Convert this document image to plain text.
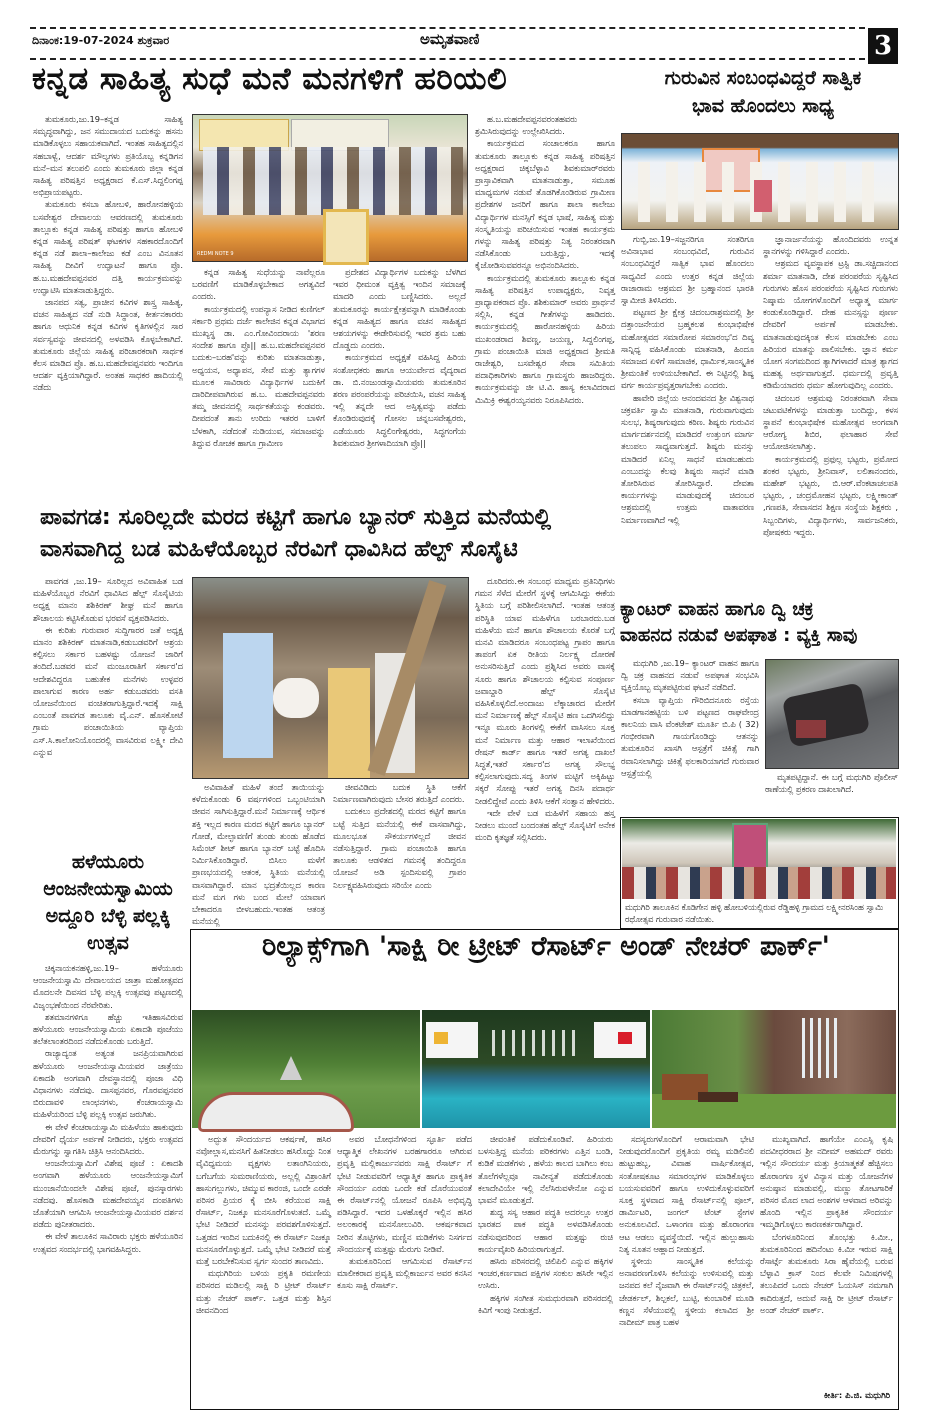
ದಿನಾಂಕ:19-07-2024 ಶುಕ್ರವಾರ	ಅಮೃತವಾಣಿ	3
ಕನ್ನಡ ಸಾಹಿತ್ಯ ಸುಧೆ ಮನೆ ಮನಗಳಿಗೆ ಹರಿಯಲಿ

ತುಮಕೂರು,ಜು.19–ಕನ್ನಡ ಸಾಹಿತ್ಯ ಸಮೃದ್ಧವಾಗಿದ್ದು, ಜನ ಸಮುದಾಯದ ಬದುಕನ್ನು ಹಸನು ಮಾಡಿಕೊಳ್ಳಲು ಸಹಾಯಕವಾಗಿದೆ. ಇಂತಹ ಸಾಹಿತ್ಯದಲ್ಲಿನ ಸಹಬಾಳ್ವೆ, ಆದರ್ಶ ಮೌಲ್ಯಗಳು ಪ್ರತಿಯೊಬ್ಬ ಕನ್ನಡಿಗನ ಮನೆ–ಮನ ತಲುಪಲಿ ಎಂದು ತುಮಕೂರು ಜಿಲ್ಲಾ ಕನ್ನಡ ಸಾಹಿತ್ಯ ಪರಿಷತ್ತಿನ ಅಧ್ಯಕ್ಷರಾದ ಕೆ.ಎಸ್.ಸಿದ್ದಲಿಂಗಪ್ಪ ಅಭಿಪ್ರಾಯಪಟ್ಟರು.

ತುಮಕೂರು ಕಸಬಾ ಹೋಬಳಿ, ಹಾರೋನಹಳ್ಳಿಯ ಬಸವೇಶ್ವರ ದೇವಾಲಯ ಆವರಣದಲ್ಲಿ ತುಮಕೂರು ತಾಲ್ಲೂಕು ಕನ್ನಡ ಸಾಹಿತ್ಯ ಪರಿಷತ್ತು ಹಾಗೂ ಹೋಬಳಿ ಕನ್ನಡ ಸಾಹಿತ್ಯ ಪರಿಷತ್ ಘಟಕಗಳ ಸಹಕಾರದೊಂದಿಗೆ ಕನ್ನಡ ನಡೆ ಶಾಲಾ–ಕಾಲೇಜು ಕಡೆ ಎಂಬ ವಿನೂತನ ಸಾಹಿತ್ಯ ದೀವಿಗೆ ಉದ್ಘಾಟನೆ ಹಾಗೂ ಪ್ರೊ. ಹ.ಬ.ಮಹದೇವಪ್ಪನವರ ದತ್ತಿ ಕಾರ್ಯಕ್ರಮವನ್ನು ಉದ್ಘಾಟಿಸಿ ಮಾತನಾಡುತ್ತಿದ್ದರು.

ಜಾನಪದ ಸತ್ವ, ಪ್ರಾಚೀನ ಕವಿಗಳ ಶಾಸ್ತ್ರ ಸಾಹಿತ್ಯ, ವಚನ ಸಾಹಿತ್ಯದ ನಡೆ ನುಡಿ ಸಿದ್ಧಾಂತ, ಕೀರ್ತನಕಾರರು ಹಾಗೂ ಆಧುನಿಕ ಕನ್ನಡ ಕವಿಗಳ ಕೃತಿಗಳಲ್ಲಿನ ಸಾರ ಸರ್ವಸ್ವವನ್ನು ಜೀವನದಲ್ಲಿ ಅಳವಡಿಸಿ ಕೊಳ್ಳಬೇಕಾಗಿದೆ. ತುಮಕೂರು ಜಿಲ್ಲೆಯ ಸಾಹಿತ್ಯ ಪರಿಚಾರಕರಾಗಿ ಸಾರ್ಥಕ ಕೆಲಸ ಮಾಡಿದ ಪ್ರೊ. ಹ.ಬ.ಮಹದೇವಪ್ಪನವರು ಇಂದಿಗೂ ಆದರ್ಶ ವ್ಯಕ್ತಿಯಾಗಿದ್ದಾರೆ. ಅಂತಹ ಸಾಧಕರ ಹಾದಿಯಲ್ಲಿ ನಡೆದು

REDMI NOTE 9

ಕನ್ನಡ ಸಾಹಿತ್ಯ ಸುಧೆಯನ್ನು ನಾವೆಲ್ಲರೂ ಬರವಣಿಗೆ ಮಾಡಿಕೊಳ್ಳಬೇಕಾದ ಅಗತ್ಯವಿದೆ ಎಂದರು.

ಕಾರ್ಯಕ್ರಮದಲ್ಲಿ ಉಪನ್ಯಾಸ ನೀಡಿದ ಕುಣಿಗಲ್ ಸರ್ಕಾರಿ ಪ್ರಥಮ ದರ್ಜೆ ಕಾಲೇಜಿನ ಕನ್ನಡ ವಿಭಾಗದ ಮುಖ್ಯಸ್ಥ ಡಾ. ಎಂ.ಗೋವಿಂದರಾಯ 'ಶರಣ ಸಂದೇಶ ಹಾಗೂ ಪ್ರೊ|| ಹ.ಬ.ಮಹದೇವಪ್ಪನವರ ಬದುಕು–ಬರಹ'ವನ್ನು ಕುರಿತು ಮಾತನಾಡುತ್ತಾ, ಅಧ್ಯಯನ, ಅಧ್ಯಾಪನ, ಸೇವೆ ಮತ್ತು ತ್ಯಾಗಗಳ ಮೂಲಕ ಸಾವಿರಾರು ವಿದ್ಯಾರ್ಥಿಗಳ ಬದುಕಿಗೆ ದಾರಿದೀಪವಾಗಿರುವ ಹ.ಬ. ಮಹದೇವಪ್ಪನವರು ತಮ್ಮ ಜೀವನದಲ್ಲಿ ಸಾರ್ಥಕತೆಯನ್ನು ಕಂಡವರು. ದೀಪದಂತೆ ತಾನು ಉರಿದು ಇತರರ ಬಾಳಿಗೆ ಬೆಳಕಾಗಿ, ನಡೆದಂತೆ ನುಡಿಯುವ, ಸಮಾಜವನ್ನು ತಿದ್ದುವ ರೋಚಕ ಹಾಗೂ ಗ್ರಾಮೀಣ

ಪ್ರದೇಶದ ವಿದ್ಯಾರ್ಥಿಗಳ ಬದುಕನ್ನು ಬೆಳಗಿದ ಇವರ ಧೀಮಂತ ವ್ಯಕ್ತಿತ್ವ ಇಂದಿನ ಸಮಾಜಕ್ಕೆ ಮಾದರಿ ಎಂದು ಬಣ್ಣಿಸಿದರು. ಅಲ್ಲದೆ ತುಮಕೂರನ್ನು ಕಾರ್ಯಕ್ಷೇತ್ರವನ್ನಾಗಿ ಮಾಡಿಕೊಂಡು ಕನ್ನಡ ಸಾಹಿತ್ಯದ ಹಾಗೂ ವಚನ ಸಾಹಿತ್ಯದ ಆಶಯಗಳನ್ನು ಈಡೇರಿಸುವಲ್ಲಿ ಇವರ ಶ್ರಮ ಬಹು ದೊಡ್ಡದು ಎಂದರು.

ಕಾರ್ಯಕ್ರಮದ ಅಧ್ಯಕ್ಷತೆ ವಹಿಸಿದ್ದ ಹಿರಿಯ ಸಂಶೋಧಕರು ಹಾಗೂ ಆಯುರ್ವೇದ ವೈದ್ಯರಾದ ಡಾ. ಬಿ.ನಂಜುಂಡಸ್ವಾಮಿಯವರು ತುಮಕೂರಿನ ಶರಣ ಪರಂಪರೆಯನ್ನು ಪರಿಚಯಿಸಿ, ವಚನ ಸಾಹಿತ್ಯ ಇಲ್ಲಿ ತನ್ನದೇ ಆದ ಅಸ್ತಿತ್ವವನ್ನು ಪಡೆದು ಕೊಂಡಿರುವುದಕ್ಕೆ ಗೋಸಲ ಚನ್ನಬಸವೇಶ್ವರರು, ಎಡೆಯೂರು ಸಿದ್ಧಲಿಂಗೇಶ್ವರರು, ಸಿದ್ಧಗಂಗೆಯ ಶಿವಕುಮಾರ ಶ್ರೀಗಳಾದಿಯಾಗಿ ಪ್ರೊ||

ಹ.ಬ.ಮಹದೇವಪ್ಪನವರಂತಹವರು ಶ್ರಮಿಸಿರುವುದನ್ನು ಉಲ್ಲೇಖಿಸಿದರು.

ಕಾರ್ಯಕ್ರಮದ ಸಂಚಾಲಕರೂ ಹಾಗೂ ತುಮಕೂರು ತಾಲ್ಲೂಕು ಕನ್ನಡ ಸಾಹಿತ್ಯ ಪರಿಷತ್ತಿನ ಅಧ್ಯಕ್ಷರಾದ ಚಿಕ್ಕಬೆಳ್ಳಾವಿ ಶಿವಕುಮಾರ್‌ರವರು ಪ್ರಾಸ್ತಾವಿಕವಾಗಿ ಮಾತನಾಡುತ್ತಾ, ಸಮೂಹ ಮಾಧ್ಯಮಗಳ ನಡುವೆ ತೊಡಗಿಕೊಂಡಿರುವ ಗ್ರಾಮೀಣ ಪ್ರದೇಶಗಳ ಜನರಿಗೆ ಹಾಗೂ ಶಾಲಾ ಕಾಲೇಜು ವಿದ್ಯಾರ್ಥಿಗಳ ಮನಸ್ಸಿಗೆ ಕನ್ನಡ ಭಾಷೆ, ಸಾಹಿತ್ಯ ಮತ್ತು ಸಂಸ್ಕೃತಿಯನ್ನು ಪರಿಚಯಿಸುವ ಇಂತಹ ಕಾರ್ಯಕ್ರಮ ಗಳನ್ನು ಸಾಹಿತ್ಯ ಪರಿಷತ್ತು ನಿತ್ಯ ನಿರಂತರವಾಗಿ ನಡೆಸಿಕೊಂಡು ಬರುತ್ತಿದ್ದು, ಇದಕ್ಕೆ ಕೈಜೋಡಿಸುವವರನ್ನೂ ಅಭಿನಂದಿಸಿದರು.

ಕಾರ್ಯಕ್ರಮದಲ್ಲಿ ತುಮಕೂರು ತಾಲ್ಲೂಕು ಕನ್ನಡ ಸಾಹಿತ್ಯ ಪರಿಷತ್ತಿನ ಉಪಾಧ್ಯಕ್ಷರು, ನಿವೃತ್ತ ಪ್ರಾಧ್ಯಾಪಕರಾದ ಪ್ರೊ. ಶಶಿಕುಮಾರ್ ಅವರು ಪ್ರಾರ್ಥನೆ ಸಲ್ಲಿಸಿ, ಕನ್ನಡ ಗೀತೆಗಳನ್ನು ಹಾಡಿದರು. ಕಾರ್ಯಕ್ರಮದಲ್ಲಿ ಹಾರೋನಹಳ್ಳಿಯ ಹಿರಿಯ ಮುಖಂಡರಾದ ಶಿವಣ್ಣ, ಜಯಣ್ಣ, ಸಿದ್ದಲಿಂಗಪ್ಪ, ಗ್ರಾಮ ಪಂಚಾಯಿತಿ ಮಾಜಿ ಅಧ್ಯಕ್ಷರಾದ ಶ್ರೀಮತಿ ರಾಜೇಶ್ವರಿ, ಬಸವೇಶ್ವರ ಸೇವಾ ಸಮಿತಿಯ ಪದಾಧಿಕಾರಿಗಳು ಹಾಗೂ ಗ್ರಾಮಸ್ಥರು ಹಾಜರಿದ್ದರು. ಕಾರ್ಯಕ್ರಮವನ್ನು ಜೀ ಟಿ.ವಿ. ಹಾಸ್ಯ ಕಲಾವಿದರಾದ ಮಿಮಿಕ್ರಿ ಈಶ್ವರಯ್ಯನವರು ನಿರೂಪಿಸಿದರು.

ಗುರುವಿನ ಸಂಬಂಧವಿದ್ದರೆ ಸಾತ್ವಿಕ
ಭಾವ ಹೊಂದಲು ಸಾಧ್ಯ

ಗುಬ್ಬಿ,ಜು.19–ಸಜ್ಜನರಿಗೂ ಸಂತರಿಗೂ ಅವಿನಾಭಾವ ಸಂಬಂಧವಿದೆ, ಗುರುವಿನ ಸಂಬಂಧವಿದ್ದರೆ ಸಾತ್ವಿಕ ಭಾವ ಹೊಂದಲು ಸಾಧ್ಯವಿದೆ ಎಂದು ಉತ್ತರ ಕನ್ನಡ ಜಿಲ್ಲೆಯ ರಾಜಾರಾಮ ಆಶ್ರಮದ ಶ್ರೀ ಬ್ರಹ್ಮಾನಂದ ಭಾರತಿ ಸ್ವಾಮೀಜಿ ತಿಳಿಸಿದರು.

ಪಟ್ಟಣದ ಶ್ರೀ ಕ್ಷೇತ್ರ ಚಿದಂಬರಾಶ್ರಮದಲ್ಲಿ ಶ್ರೀ ದತ್ತಾಂಜನೇಯರ ಬ್ರಹ್ಮಕಲಶ ಕುಂಭಾಭಿಷೇಕ ಮಹೋತ್ಸವದ ಸಮಾರೋಪ ಸಮಾರಂಭ'ದ ದಿವ್ಯ ಸಾನ್ನಿಧ್ಯ ವಹಿಸಿಕೊಂಡು ಮಾತನಾಡಿ, ಹಿಂದೂ ಸಮಾಜದ ಏಳಿಗೆ ಸಾಮಾಜಿಕ, ಧಾರ್ಮಿಕ,ಸಾಂಸ್ಕೃತಿಕ ಶ್ರೀಮಂತಿಕೆ ಉಳಿಯಬೇಕಾಗಿದೆ. ಈ ನಿಟ್ಟಿನಲ್ಲಿ ಶಿಷ್ಯ ವರ್ಗ ಕಾರ್ಯಪ್ರವೃತ್ತರಾಗಬೇಕು ಎಂದರು.

ಹಾವೇರಿ ಜಿಲ್ಲೆಯ ಆನಂದವನದ ಶ್ರೀ ವಿಶ್ವನಾಥ ಚಕ್ರವರ್ತಿ ಸ್ವಾಮಿ ಮಾತನಾಡಿ, ಗುರುವಾಗುವುದು ಸುಲಭ, ಶಿಷ್ಯರಾಗುವುದು ಕಠಿಣ. ಶಿಷ್ಯರು ಗುರುವಿನ ಮಾರ್ಗದರ್ಶನದಲ್ಲಿ ಮಾಡಿದರೆ ಉತ್ತುಂಗ ಮಾರ್ಗ ತಲುಪಲು ಸಾಧ್ಯವಾಗುತ್ತದೆ. ಶಿಷ್ಯರು ಮನಸ್ಸು ಮಾಡಿದರೆ ಏನಿಲ್ಲ ಸಾಧನೆ ಮಾಡಬಹುದು ಎಂಬುದನ್ನು ಕೆಲವು ಶಿಷ್ಯರು ಸಾಧನೆ ಮಾಡಿ ತೋರಿಸಿರುವ ತೋರಿಸಿದ್ದಾರೆ. ದೇವತಾ ಕಾರ್ಯಗಳನ್ನು ಮಾಡುವುದಕ್ಕೆ ಚಿದಂಬರ ಆಶ್ರಮದಲ್ಲಿ ಉತ್ತಮ ವಾತಾವರಣ ನಿರ್ಮಾಣವಾಗಿದೆ ಇಲ್ಲಿ

ಜ್ಞಾನಾರ್ಜನೆಯನ್ನು ಹೊಂದಿದವರು ಉನ್ನತ ಸ್ಥಾನಗಳನ್ನು ಗಳಿಸಿದ್ದಾರೆ ಎಂದರು.

ಆಶ್ರಮದ ವ್ಯವಸ್ಥಾಪಕ ಟ್ರಸ್ಟಿ ಡಾ.ಸಚ್ಚಿದಾನಂದ ಶರ್ಮಾ ಮಾತನಾಡಿ, ದೇಶ ಪರಂಪರೆಯ ಸೃಷ್ಟಿಸಿದ ಗುರುಗಳು ಹೊಸ ಪರಂಪರೆಯ ಸೃಷ್ಟಿಸಿದ ಗುರುಗಳು ನಿಷ್ಕಾಮ ಯೋಗಗಳೊಂದಿಗೆ ಅಧ್ಯಾತ್ಮ ಮಾರ್ಗ ಕಂಡುಕೊಂಡಿದ್ದಾರೆ. ದೇಹ ಮನಸ್ಸನ್ನು ಪೂರ್ಣ ದೇವರಿಗೆ ಅರ್ಪಣೆ ಮಾಡಬೇಕು. ಮಾತನಾಡುವುದಕ್ಕಿಂತ ಕೆಲಸ ಮಾಡಬೇಕು ಎಂಬ ಹಿರಿಯರ ಮಾತನ್ನು ಪಾಲಿಸಬೇಕು. ಜ್ಞಾನ ಕರ್ಮ ಯೋಗ ಸಂಗಮದಿಂದ ತ್ಯಾಗಿಗಳಾದರೆ ಮಾತ್ರ ತ್ಯಾಗದ ಮಹತ್ವ ಅರ್ಥವಾಗುತ್ತದೆ. ಧರ್ಮದಲ್ಲಿ ಪ್ರವೃತ್ತಿ ಕಡಿಮೆಯಾದರು ಧರ್ಮ ಹೋಗುವುದಿಲ್ಲ ಎಂದರು.

ಚಿದಂಬರ ಆಶ್ರಮವು ನಿರಂತರವಾಗಿ ಸೇವಾ ಚಟುವಟಿಕೆಗಳನ್ನು ಮಾಡುತ್ತಾ ಬಂದಿದ್ದು, ಕಳಸ ಸ್ಥಾಪನೆ ಕುಂಭಾಭಿಷೇಕ ಮಹೋತ್ಸವ ಅಂಗವಾಗಿ ಆರೋಗ್ಯ ಶಿಬಿರ, ಫಲಾಹಾರ ಸೇವೆ ಆಯೋಜಿಸಲಾಗಿತ್ತು.

ಕಾರ್ಯಕ್ರಮದಲ್ಲಿ ಪ್ರಫುಲ್ಲ ಭಟ್ಟರು, ಪ್ರಮೋದ ಶಂಕರ ಭಟ್ಟರು, ಶ್ರೀನಿವಾಸ್, ಲಲಿತಾನಂದರು, ಮಹೇಶ್ ಭಟ್ಟರು, ಬಿ.ಆರ್.ವೆಂಕಟಾಚಲಪತಿ ಭಟ್ಟರು, , ಚಂದ್ರಮೋಹನ ಭಟ್ಟರು, ಲಕ್ಷ್ಮೀಕಾಂತ್ ,ಗಣಪತಿ, ಸೇವಾಸದನ ಶಿಕ್ಷಣ ಸಂಸ್ಥೆಯ ಶಿಕ್ಷಕರು , ಸಿಬ್ಬಂದಿಗಳು, ವಿದ್ಯಾರ್ಥಿಗಳು, ಸಾರ್ವಜನಿಕರು, ಪೋಷಕರು ಇದ್ದರು.

ಪಾವಗಡ: ಸೂರಿಲ್ಲದೇ ಮರದ ಕಟ್ಟಿಗೆ ಹಾಗೂ ಬ್ಯಾನರ್ ಸುತ್ತಿದ ಮನೆಯಲ್ಲಿ
ವಾಸವಾಗಿದ್ದ ಬಡ ಮಹಿಳೆಯೊಬ್ಬರ ನೆರವಿಗೆ ಧಾವಿಸಿದ ಹೆಲ್ಪ್ ಸೊಸೈಟಿ

ಪಾವಗಡ ,ಜು.19– ಸೂರಿಲ್ಲದ ಅವಿವಾಹಿತ ಬಡ ಮಹಿಳೆಯೊಬ್ಬರ ನೆರವಿಗೆ ಧಾವಿಸಿದ ಹೆಲ್ಪ್ ಸೊಸೈಟಿಯ ಅಧ್ಯಕ್ಷ ಮಾನಂ ಶಶಿಕಿರಣ್ ಶೀಘ್ರ ಮನೆ ಹಾಗೂ ಶೌಚಾಲಯ ಕಟ್ಟಿಸಿಕೊಡುವ ಭರವಸೆ ವ್ಯಕ್ತಪಡಿಸಿದರು.

ಈ ಕುರಿತು ಗುರುವಾರ ಸುದ್ದಿಗಾರರ ಜತೆ ಅಧ್ಯಕ್ಷ ಮಾನಂ ಶಶಿಕಿರಣ್ ಮಾತನಾಡಿ,ಕಡುಬಡವರಿಗೆ ಆಶ್ರಯ ಕಲ್ಪಿಸಲು ಸರ್ಕಾರ ಬಹಳಷ್ಟು ಯೋಜನೆ ಜಾರಿಗೆ ತಂದಿದೆ.ಬಡವರ ಮನೆ ಮಂಜೂರಾತಿಗೆ ಸರ್ಕಾರ'ದ ಆದೇಶವಿದ್ದರೂ ಬಹುತೇಕ ಮನೆಗಳು ಉಳ್ಳವರ ಪಾಲಾಗುವ ಕಾರಣ ಅರ್ಹ ಕಡುಬಡವರು ವಸತಿ ಯೋಜನೆಯಿಂದ ವಂಚಿತರಾಗುತ್ತಿದ್ದಾರೆ.ಇದಕ್ಕೆ ಸಾಕ್ಷಿ ಎಂಬಂತೆ ಪಾವಗಡ ತಾಲೂಕು ವೈ.ಎನ್. ಹೊಸಕೋಟೆ ಗ್ರಾಮ ಪಂಚಾಯಿತಿಯ ವ್ಯಾಪ್ತಿಯ ಎಸ್.ಸಿ.ಕಾಲೋನಿಯೊಂದರಲ್ಲಿ ವಾಸವಿರುವ ಲಕ್ಷ್ಮೀ ದೇವಿ ಎನ್ನುವ

ಅವಿವಾಹಿತೆ ಮಹಿಳೆ ತಂದೆ ತಾಯಿಯನ್ನು ಕಳೆದುಕೊಂಡು 6 ವರ್ಷಗಳಿಂದ ಒಬ್ಬಂಟಿಯಾಗಿ ಜೀವನ ಸಾಗಿಸುತ್ತಿದ್ದಾರೆ.ಮನೆ ನಿರ್ಮಾಣಕ್ಕೆ ಆರ್ಥಿಕ ಶಕ್ತಿ ಇಲ್ಲದ ಕಾರಣ ಮರದ ಕಟ್ಟಿಗೆ ಹಾಗೂ ಬ್ಯಾನರ್ ಗೋಡೆ, ಮೇಲ್ಛಾವಣಿಗೆ ತುಂಡು ತುಂಡು ಹೊಡೆದ ಸಿಮೆಂಟ್ ಶೀಟ್ ಹಾಗೂ ಬ್ಯಾನರ್ ಬಟ್ಟೆ ಹೊದಿಸಿ ನಿರ್ಮಿಸಿಕೊಂಡಿದ್ದಾರೆ. ಬಿಸಿಲು ಮಳೆಗೆ ಪ್ರಾಣಭಯದಲ್ಲಿ ಆತಂಕ, ಸ್ಥಿತಿಯ ಮನೆಯಲ್ಲಿ ವಾಸವಾಗಿದ್ದಾರೆ. ಮಾನ ಭದ್ರತೆಯಿಲ್ಲದ ಕಾರಣ ಮನೆ ಮಗ ಗಳು ಬಂದ ಮೇಲೆ ಯಾವಾಗ ಬೇಕಾದರೂ ಬೀಳಬಹುದು.ಇಂತಹ ಆತಂತ್ರ ಮನೆಯಲ್ಲಿ

ಜೀವವಿಡಿದು ಬದುಕ ಸ್ಥಿತಿ ಆಕೆಗೆ ನಿರ್ಮಾಣವಾಗಿರುವುದು ಬೇಸರ ತರುತ್ತಿದೆ ಎಂದರು.

ಬದುಕಲು ಪ್ರದೇಶದಲ್ಲಿ ಮರದ ಕಟ್ಟಿಗೆ ಹಾಗೂ ಬಟ್ಟೆ ಸುತ್ತಿದ ಮನೆಯಲ್ಲಿ ಈಕೆ ವಾಸವಾಗಿದ್ದು, ಮೂಲಭೂತ ಸೌಕರ್ಯಗಳಿಲ್ಲದೆ ಜೀವನ ನಡೆಸುತ್ತಿದ್ದಾರೆ. ಗ್ರಾಮ ಪಂಚಾಯಿತಿ ಹಾಗೂ ತಾಲೂಕು ಆಡಳಿತದ ಗಮನಕ್ಕೆ ತಂದಿದ್ದರೂ ಯೋಜನೆ ಅಡಿ ಸ್ಪಂದಿಸುವಲ್ಲಿ ಗ್ರಾಪಂ ನಿರ್ಲಕ್ಷ್ಯವಹಿಸಿರುವುದು ಸರಿಯೇ ಎಂದು

ದೂರಿದರು.ಈ ಸಂಬಂಧ ಮಾಧ್ಯಮ ಪ್ರತಿನಿಧಿಗಳು ಗಮನ ಸೆಳೆದ ಮೇರೆಗೆ ಸ್ಥಳಕ್ಕೆ ಆಗಮಿಸಿದ್ದು ಈಕೆಯ ಸ್ಥಿತಿಯ ಬಗ್ಗೆ ಪರಿಶೀಲಿಸಲಾಗಿದೆ. ಇಂತಹ ಆತಂತ್ರ ಪರಿಸ್ಥಿತಿ ಯಾವ ಮಹಿಳೆಗೂ ಬರಬಾರದು.ಬಡ ಮಹಿಳೆಯ ಮನೆ ಹಾಗೂ ಶೌಚಾಲಯ ಕೊರತೆ ಬಗ್ಗೆ ಮನವಿ ಮಾಡಿದರೂ ಸಂಬಂಧಪಟ್ಟ ಗ್ರಾಪಂ ಹಾಗೂ ತಾಪಂಗೆ ಏಕ ರೀತಿಯ ನಿರ್ಲಕ್ಷ್ಯ ದೋರಣೆ ಅನುಸರಿಸುತ್ತಿದೆ ಎಂದು ಪ್ರಶ್ನಿಸಿದ ಅವರು ವಾಸಕ್ಕೆ ಸೂರು ಹಾಗೂ ಶೌಚಾಲಯ ಕಲ್ಪಿಸುವ ಸಂಪೂರ್ಣ ಜವಾಬ್ದಾರಿ ಹೆಲ್ಪ್ ಸೊಸೈಟಿ ವಹಿಸಿಕೊಳ್ಳಲಿದೆ.ಅಂದಾಜು ಲೆಕ್ಕಾಚಾರದ ಮೇರೆಗೆ ಮನೆ ನಿರ್ಮಾಣಕ್ಕೆ ಹೆಲ್ಪ್ ಸೊಸೈಟಿ ಹಣ ಒದಗಿಸಲಿದ್ದು ಇನ್ನೂ ಮೂರು ತಿಂಗಳಲ್ಲಿ ಈಕೆಗೆ ವಾಸಿಸಲು ಸೂಕ್ತ ಮನೆ ನಿರ್ಮಾಣ ಮತ್ತು ಆಹಾರ ಇಲಾಖೆಯಿಂದ ರೇಷನ್ ಕಾರ್ಡ್ ಹಾಗೂ ಇತರೆ ಅಗತ್ಯ ದಾಖಲೆ ಸಿದ್ಧತೆ,ಇತರೆ ಸರ್ಕಾರ'ದ ಅಗತ್ಯ ಸೌಲಭ್ಯ ಕಲ್ಪಿಸಲಾಗುವುದು.ಸದ್ಯ ತಿಂಗಳ ಮಟ್ಟಿಗೆ ಅಕ್ಕಿಹಿಟ್ಟು ಸಕ್ಕರೆ ಸೋಪ್ಪು ಇತರೆ ಅಗತ್ಯ ದಿನಸಿ ಪದಾರ್ಥ ನೀಡಲಿದ್ದೇವೆ ಎಂದು ತಿಳಿಸಿ ಆಕೆಗೆ ಸಂತ್ವಾನ ಹೇಳಿದರು.

ಇದೇ ವೇಳೆ ಬಡ ಮಹಿಳೆಗೆ ಸಹಾಯ ಹಸ್ತ ನೀಡಲು ಮುಂದೆ ಬಂದಂತಹ ಹೆಲ್ಪ್ ಸೊಸೈಟಿಗೆ ಅನೇಕ ಮಂದಿ ಕೃತಜ್ಞತೆ ಸಲ್ಲಿಸಿದರು.

ಕ್ಯಾಂಟರ್ ವಾಹನ ಹಾಗೂ ದ್ವಿ ಚಕ್ರ
ವಾಹನದ ನಡುವೆ ಅಪಘಾತ : ವ್ಯಕ್ತಿ ಸಾವು

ಮಧುಗಿರಿ ,ಜು.19– ಕ್ಯಾಂಟರ್ ವಾಹನ ಹಾಗೂ ದ್ವಿ ಚಕ್ರ ವಾಹನದ ನಡುವೆ ಅಪಘಾತ ಸಂಭವಿಸಿ ವ್ಯಕ್ತಿಯೊಬ್ಬ ಮೃತಪಟ್ಟಿರುವ ಘಟನೆ ನಡೆದಿದೆ.

ಕಸಬಾ ವ್ಯಾಪ್ತಿಯ ಗೌರಿಬಿದನೂರು ರಸ್ತೆಯ ಮಾಡಗಾನಹಟ್ಟಿಯ ಬಳಿ ಪಟ್ಟಣದ ರಾಘವೇಂದ್ರ ಕಾಲನಿಯ ವಾಸಿ ವೆಂಕಟೇಶ್ ಮೂರ್ತಿ ಬಿ.ಪಿ ( 32) ಗಂಭೀರವಾಗಿ ಗಾಯಗೊಂಡಿದ್ದು ಆತನನ್ನು ತುಮಕೂರಿನ ಖಾಸಗಿ ಆಸ್ಪತ್ರೆಗೆ ಚಿಕಿತ್ಸೆ ಗಾಗಿ ರವಾನಿಸಲಾಗಿದ್ದು ಚಿಕಿತ್ಸೆ ಫಲಕಾರಿಯಾಗದೆ ಗುರುವಾರ ಆಸ್ಪತ್ರೆಯಲ್ಲಿ	ಮೃತಪಟ್ಟಿದ್ದಾನೆ. ಈ ಬಗ್ಗೆ ಮಧುಗಿರಿ ಪೊಲೀಸ್ ಠಾಣೆಯಲ್ಲಿ ಪ್ರಕರಣ ದಾಖಲಾಗಿದೆ.

ಮಧುಗಿರಿ ತಾಲೂಕಿನ ಕೊಡಿಗೇನ ಹಳ್ಳಿ ಹೋಬಳಿಯಲ್ಲಿರುವ ರೆಡ್ಡಿಹಳ್ಳಿ ಗ್ರಾಮದ ಲಕ್ಷ್ಮೀನರಸಿಂಹ ಸ್ವಾಮಿ ರಥೋತ್ಸವ ಗುರುವಾರ ನಡೆಯಿತು.
ಹಳೆಯೂರು
ಆಂಜನೇಯಸ್ವಾಮಿಯ
ಅದ್ದೂರಿ ಬೆಳ್ಳಿ ಪಲ್ಲಕ್ಕಿ
ಉತ್ಸವ

ಚಿಕ್ಕನಾಯಕನಹಳ್ಳಿ,ಜು.19– ಹಳೆಯೂರು ಆಂಜನೇಯಸ್ವಾಮಿ ದೇವಾಲಯದ ಜಾತ್ರಾ ಮಹೋತ್ಸವದ ಮೊದಲನೇ ದಿವಸದ ಬೆಳ್ಳಿ ಪಲ್ಲಕ್ಕಿ ಉತ್ಸವವು ಪಟ್ಟಣದಲ್ಲಿ ವಿಜೃಂಭಣೆಯಿಂದ ನೆರವೇರಿತು.

ಶತಮಾನಗಳಿಗೂ ಹೆಚ್ಚು ಇತಿಹಾಸವಿರುವ ಹಳೆಯೂರು ಆಂಜನೇಯಸ್ವಾಮಿಯ ಏಕಾದಶಿ ಪೂಜೆಯು ತಲೆತಲಾಂತರದಿಂದ ನಡೆದುಕೊಂಡು ಬರುತ್ತಿದೆ.

ರಾಜ್ಯಾದ್ಯಂತ ಅತ್ಯಂತ ಜನಪ್ರಿಯವಾಗಿರುವ ಹಳೆಯೂರು ಆಂಜನೇಯಸ್ವಾಮಿಯವರ ಜಾತ್ರೆಯು ಏಕಾದಶಿ ಅಂಗವಾಗಿ ದೇವಸ್ಥಾನದಲ್ಲಿ ಪೂಜಾ ವಿಧಿ ವಿಧಾನಗಳು ನಡೆದವು. ದಾಸಪ್ಪನವರ, ಗೊರವಪ್ಪನವರ ಬಿರುದಾವಳಿ ಲಾಂಛನಗಳು, ಕೆಂಚರಾಯಸ್ವಾಮಿ ಮಹಿಳೆಯರಿಂದ ಬೆಳ್ಳಿ ಪಲ್ಲಕ್ಕಿ ಉತ್ಸವ ಜರುಗಿತು.

ಈ ವೇಳೆ ಕೆಂಚರಾಯಸ್ವಾಮಿ ಮಹಿಳೆಯು ಹಾಕುವುದು ದೇವರಿಗೆ ಧೈರ್ಯ ಅರ್ಪಣೆ ನೀಡಿದರು, ಭಕ್ತರು ಉತ್ಸವದ ಮೆರುಗನ್ನು ಸ್ವಾಗತಿಸಿ ಚಿತ್ರಿಸಿ ಆನಂದಿಸಿದರು.

ಆಂಜನೇಯಸ್ವಾಮಿಗೆ ವಿಶೇಷ ಪೂಜೆ : ಏಕಾದಶಿ ಅಂಗವಾಗಿ ಹಳೆಯೂರು ಆಂಜನೇಯಸ್ವಾಮಿಗೆ ಮುಂಜಾನೆಯಿಂದಲೇ ವಿಶೇಷ ಪೂಜೆ, ಪುನಸ್ಕಾರಗಳು ನಡೆದವು. ಹೊಸಕಾಡಿ ಮಹದೇವಯ್ಯನ ದಂಪತಿಗಳು ಜೊತೆಯಾಗಿ ಆಗಮಿಸಿ ಆಂಜನೇಯಸ್ವಾಮಿಯವರ ದರ್ಶನ ಪಡೆದು ಪುನೀತರಾದರು.

ಈ ವೇಳೆ ತಾಲೂಕಿನ ಸಾವಿರಾರು ಭಕ್ತರು ಹಳೆಯೂರಿನ ಉತ್ಸವದ ಸಂದರ್ಭದಲ್ಲಿ ಭಾಗವಹಿಸಿದ್ದರು.

ರಿಲ್ಯಾಕ್ಸ್‌ಗಾಗಿ 'ಸಾಕ್ಷಿ ರೀ ಟ್ರೀಟ್ ರೆಸಾರ್ಟ್ ಅಂಡ್ ನೇಚರ್ ಪಾರ್ಕ್'

ಅದ್ಭುತ ಸೌಂದರ್ಯದ ಆಕರ್ಷಣೆ, ಹಸಿರ ನವೋಲ್ಲಾಸ,ಮನಸಿಗೆ ಹಿತನೀಡಲು ಹಸಿರೊದ್ದು ನಿಂತ ವೈವಿಧ್ಯಮಯ ವೃಕ್ಷಗಳು ಲತಾಂಗಿನಿಯರು, ಬಗೆಬಗೆಯ ಸುಮರಾಣಿಯರು, ಅಲ್ಲಲ್ಲಿ ವಿಶ್ರಾಂತಿಗೆ ಹಾಸುಗಲ್ಲುಗಳು, ಚಿಮ್ಮುವ ಕಾರಂಜಿ, ಒಂದೇ ಎರಡೇ ಪರಿಸರ ಪ್ರಿಯರ ಕೈ ಬೀಸಿ ಕರೆಯುವ ಸಾಕ್ಷಿ ರೆಸಾರ್ಟ್, ನಿಜಕ್ಕೂ ಮನಸೂರೆಗೊಳುತದೆ. ಒಮ್ಮೆ ಭೇಟಿ ನೀಡಿದರೆ ಮನಸನ್ನು ಪರವಶಗೊಳಿಸುತ್ತದೆ. ಒತ್ತಡದ ಇಂದಿನ ಬದುಕಿನಲ್ಲಿ ಈ ರೆಸಾರ್ಟ್ ನಿಜಕ್ಕೂ ಮನಸೂರೆಗೊಳ್ಳುತ್ತದೆ. ಒಮ್ಮೆ ಭೇಟಿ ನೀಡಿದರೆ ಮತ್ತೆ ಮತ್ತೆ ಬರಬೇಕೆನಿಸುವ ಸ್ವರ್ಗ ಸುಂದರ ತಾಣವಿದು.

ಮಧುಗಿರಿಯ ಬಳಿಯ ಪ್ರಕೃತಿ ರಮಣೀಯ ಪರಿಸರದ ಮಡಿಲಲ್ಲಿ ಸಾಕ್ಷಿ ರಿ ಟ್ರೀಟ್ ರೆಸಾರ್ಟ್ ಮತ್ತು ನೇಚರ್ ಪಾರ್ಕ್. ಒತ್ತಡ ಮತ್ತು ಶಿಸ್ತಿನ ಜೀವನದಿಂದ

ಅವರ ಬೋಧನೆಗಳಿಂದ ಸ್ಫೂರ್ತಿ ಪಡೆದ ಆಧ್ಯಾತ್ಮಿಕ ಲೇಖನಗಳ ಬರಹಗಾರರೂ ಆಗಿರುವ ಪ್ರವೃತ್ತಿ ಮಲ್ಲಿಕಾರ್ಜುನವರು ಸಾಕ್ಷಿ ರೆಸಾರ್ಟ್ ಗೆ ಭೇಟಿ ನೀಡುವವರಿಗೆ ಆಧ್ಯಾತ್ಮಿಕ ಹಾಗೂ ಪ್ರಾಕೃತಿಕ ಸೌಂದರ್ಯ ಎರಡು ಒಂದೇ ಕಡೆ ದೊರೆಯುವಂತೆ ಈ ರೆಸಾರ್ಟ್‌ನಲ್ಲಿ ಯೋಜನೆ ರೂಪಿಸಿ ಅಭಿವೃದ್ಧಿ ಪಡಿಸಿದ್ದಾರೆ. ಇದರ ಒಳಹೊಕ್ಕರೆ ಇಲ್ಲಿನ ಹಸಿರ ಅಲಂಕಾರಕ್ಕೆ ಮನಸೋಲುವಿರಿ. ಆಕರ್ಷಕವಾದ ನೀರಿನ ತೊಟ್ಟಿಗಳು, ಮಣ್ಣಿನ ಮಡಿಕೆಗಳು ನಿಸರ್ಗದ ಸೌಂದರ್ಯಕ್ಕೆ ಮತ್ತಷ್ಟು ಮೆರುಗು ನೀಡಿವೆ.

ತುಮಕೂರಿನಿಂದ ಆಗಮಿಸುವ ರೆಸಾರ್ಟ್‌ನ ಮಾಲೀಕರಾದ ಪ್ರವೃತ್ತಿ ಮಲ್ಲಿಕಾರ್ಜುನ ಅವರ ಕನಸಿನ ಕೂಸು ಸಾಕ್ಷಿ ರೆಸಾರ್ಟ್.

ಜೀವಂತಿಕೆ ಪಡೆದುಕೊಂಡಿವೆ. ಹಿರಿಯರು ಬಳಸುತ್ತಿದ್ದ ಮನೆಯ ಪರಿಕರಗಳು ಎತ್ತಿನ ಬಂಡಿ, ಕುಡಿಕೆ ಮಡಕೆಗಳು , ಹಳೆಯ ಕಾಲದ ಬಾಗಿಲು ಕಂಬ ತೊಲೆಗಳೆಲ್ಲವೂ ನಾವೀನ್ಯತೆ ಪಡೆದುಕೊಂಡು ಕಲಾದೇವಿಯೇ ಇಲ್ಲಿ ನೆಲೆಸಿರುವಳೇನೋ ಎನ್ನುವ ಭಾವನೆ ಮೂಡುತ್ತದೆ.

ಶುದ್ಧ ಸಸ್ಯ ಆಹಾರ ಪದ್ಧತಿ ಅದರಲ್ಲೂ ಉತ್ತರ ಭಾರತದ ಪಾಕ ಪದ್ಧತಿ ಅಳವಡಿಸಿಕೊಂಡು ನಡೆಸುವುದರಿಂದ ಆಹಾರ ಮತ್ತಷ್ಟು ರುಚಿ ಕಾರ್ಯವೈಖರಿ ಹಿರಿಯರಾಗುತ್ತದೆ.

ಹಸಿರು ಪರಿಸರದಲ್ಲಿ ಚಿಲಿಪಿಲಿ ಎನ್ನುವ ಹಕ್ಕಿಗಳ ಇಂಚರ,ಕರ್ಣವಾದ ಪಕ್ಷಿಗಳ ಸಂಕುಲ ಹಸಿರೇ ಇಲ್ಲಿನ ಉಸಿರು.

ಹಕ್ಕಿಗಳ ಸಂಗೀತ ಸುಮಧುರವಾಗಿ ಪರಿಸರದಲ್ಲಿ ಕಿವಿಗೆ ಇಂಪು ನೀಡುತ್ತದೆ.

ಸದಸ್ಯರುಗಳೊಂದಿಗೆ ಆರಾಮವಾಗಿ ಭೇಟಿ ನೀಡುವುದರೊಂದಿಗೆ ಪ್ರಕೃತಿಯ ರಮ್ಯ ಮಡಿಲಿನಲಿ ಹುಟ್ಟುಹಬ್ಬ, ವಿವಾಹ ವಾರ್ಷಿಕೋತ್ಸವ, ಸಂತೋಷಕೂಟ ಸಮಾರಂಭಗಳ ಮಾಡಿಕೊಳ್ಳಲು ಬಯಸುವವರಿಗೆ ಹಾಗೂ ಉಳಿದುಕೊಳ್ಳುವವರಿಗೆ ಸೂಕ್ತ ಸ್ಥಳವಾದ ಸಾಕ್ಷಿ ರೆಸಾರ್ಟ್‌ನಲ್ಲಿ ಪೂಲ್, ಡಾರ್ಮಿಟರಿ, ಜಂಗಲ್ ಟೆಂಟ್ ಸ್ಟೇಗಳ ಅನುಕೂಲವಿದೆ. ಒಳಾಂಗಣ ಮತ್ತು ಹೊರಾಂಗಣ ಆಟ ಆಡಲು ವ್ಯವಸ್ಥೆಯಿದೆ. ಇಲ್ಲಿನ ಹುಲ್ಲುಹಾಸು ನಿತ್ಯ ನೂತನ ಆಹ್ಲಾದ ನೀಡುತ್ತದೆ.

ಸ್ಥಳೀಯ ಸಾಂಸ್ಕೃತಿಕ ಕಲೆಯನ್ನು ಅನಾವರಣಗೊಳಿಸಿ ಕಲೆಯನ್ನು ಉಳಿಸುವಲ್ಲಿ ಮತ್ತು ಜನಪದ ಕಲೆ ನೈಜವಾಗಿ ಈ ರೆಸಾರ್ಟ್‌ನಲ್ಲಿ ಚಿತ್ರಕಲೆ, ಜೇಡರ್ಕಲ್, ಶಿಲ್ಪಕಲೆ, ಬುಟ್ಟಿ, ಕುಂಬಾರಿಕೆ ಮೂಡಿ ಕಣ್ಣನ ಸೆಳೆಯುವಲ್ಲಿ ಸ್ಥಳೀಯ ಕಲಾವಿದ ಶ್ರೀ ನಾದೀಮ್ ಪಾತ್ರ ಬಹಳ

ಮುಖ್ಯವಾಗಿದೆ. ಹಾಗೆಯೇ ಎಂಎಸ್ಸಿ ಕೃಷಿ ಪದವೀಧರರಾದ ಶ್ರೀ ನದೀಮ್ ಅಹಮದ್ ರವರು ಇಲ್ಲಿನ ಸೌಂದರ್ಯ ಮತ್ತು ಕ್ರಿಯಾತ್ಮಕತೆ ಹೆಚ್ಚಿಸಲು ಹೊರಾಂಗಣ ಸ್ಥಳ ವಿನ್ಯಾಸ ಮತ್ತು ಯೋಜನೆಗಳ ಅನುಷ್ಠಾನ ಮಾಡುವಲ್ಲಿ, ಮಣ್ಣು ತೋಟಗಾರಿಕೆ ಪರಿಸರ ಮೊದ ಲಾದ ಅಂಶಗಳ ಆಳವಾದ ಅರಿವನ್ನು ಹೊಂದಿ ಇಲ್ಲಿನ ಪ್ರಾಕೃತಿಕ ಸೌಂದರ್ಯ ಇಮ್ಮಡಿಗೊಳ್ಳಲು ಕಾರಣಕರ್ತರಾಗಿದ್ದಾರೆ.

ಬೆಂಗಳೂರಿನಿಂದ ತೊಂಭತ್ತು ಕಿ.ಮೀ., ತುಮಕೂರಿನಿಂದ ಹದಿನೆಂಟು ಕಿ.ಮೀ ಇರುವ ಸಾಕ್ಷಿ ರೆಸಾರ್ಟ್ಗೆ ತುಮಕೂರು ಸಿರಾ ಹೈವೆಯಲ್ಲಿ ಬರುವ ಬೆಳ್ಳಾವಿ ಕ್ರಾಸ್ ನಿಂದ ಕೆಲವೇ ನಿಮಿಷಗಳಲ್ಲಿ ತಲುಪಿದರೆ ಒಂದು ನೇಚರ್ ಓಯಸಿಸ್ ನಮಗಾಗಿ ಕಾದಿರುತ್ತದೆ, ಅದುವೆ ಸಾಕ್ಷಿ ರೀ ಟ್ರೀಟ್ ರೆಸಾರ್ಟ್ ಅಂಡ್ ನೇಚರ್ ಪಾರ್ಕ್.

ಕೀರ್ತಿ: ಪಿ.ಜಿ. ಮಧುಗಿರಿ
